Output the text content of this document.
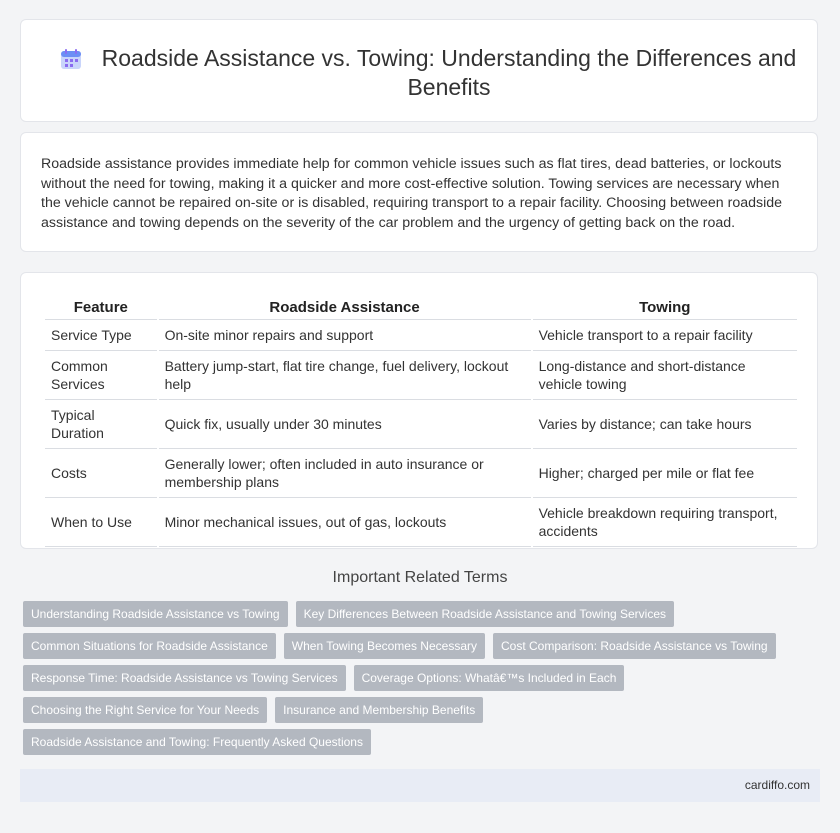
Roadside Assistance vs. Towing: Understanding the Differences and Benefits

Roadside assistance provides immediate help for common vehicle issues such as flat tires, dead batteries, or lockouts without the need for towing, making it a quicker and more cost-effective solution. Towing services are necessary when the vehicle cannot be repaired on-site or is disabled, requiring transport to a repair facility. Choosing between roadside assistance and towing depends on the severity of the car problem and the urgency of getting back on the road.

Feature	Roadside Assistance	Towing
Service Type	On-site minor repairs and support	Vehicle transport to a repair facility
Common Services	Battery jump-start, flat tire change, fuel delivery, lockout help	Long-distance and short-distance vehicle towing
Typical Duration	Quick fix, usually under 30 minutes	Varies by distance; can take hours
Costs	Generally lower; often included in auto insurance or membership plans	Higher; charged per mile or flat fee
When to Use	Minor mechanical issues, out of gas, lockouts	Vehicle breakdown requiring transport, accidents
Important Related Terms
Understanding Roadside Assistance vs Towing	Key Differences Between Roadside Assistance and Towing Services
Common Situations for Roadside Assistance	When Towing Becomes Necessary	Cost Comparison: Roadside Assistance vs Towing
Response Time: Roadside Assistance vs Towing Services	Coverage Options: Whatâ€™s Included in Each
Choosing the Right Service for Your Needs	Insurance and Membership Benefits
Roadside Assistance and Towing: Frequently Asked Questions
cardiffo.com
